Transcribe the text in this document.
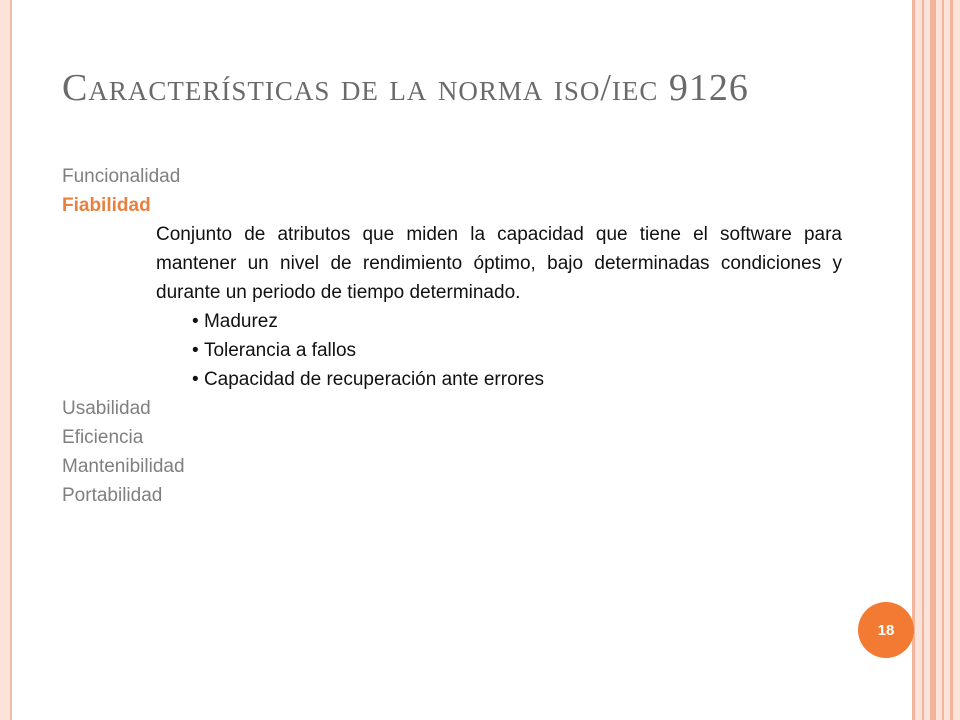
Características de la norma iso/iec 9126
Funcionalidad
Fiabilidad
Conjunto de atributos que miden la capacidad que tiene el software para mantener un nivel de rendimiento óptimo, bajo determinadas condiciones y durante un periodo de tiempo determinado.
• Madurez
• Tolerancia a fallos
• Capacidad de recuperación ante errores
Usabilidad
Eficiencia
Mantenibilidad
Portabilidad
18
